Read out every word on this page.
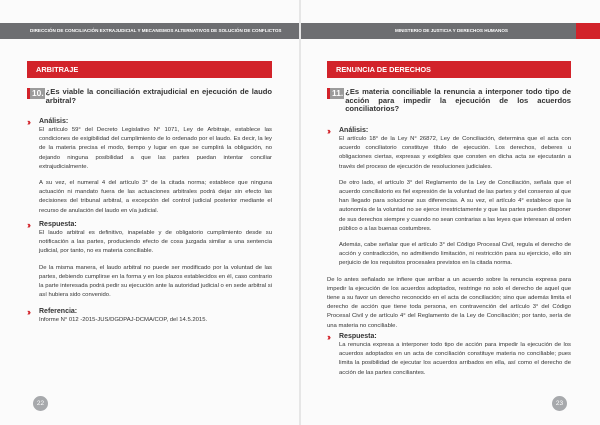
DIRECCIÓN DE CONCILIACIÓN EXTRAJUDICIAL Y MECANISMOS ALTERNATIVOS DE SOLUCIÓN DE CONFLICTOS	MINISTERIO DE JUSTICIA Y DERECHOS HUMANOS
ARBITRAJE
10. ¿Es viable la conciliación extrajudicial en ejecución de laudo arbitral?
››	Análisis:
El artículo 59° del Decreto Legislativo N° 1071, Ley de Arbitraje, establece las condiciones de exigibilidad del cumplimiento de lo ordenado por el laudo. Es decir, la ley de la materia precisa el modo, tiempo y lugar en que se cumplirá la obligación, no dejando ninguna posibilidad a que las partes puedan intentar conciliar extrajudicialmente.
A su vez, el numeral 4 del artículo 3° de la citada norma; establece que ninguna actuación ni mandato fuera de las actuaciones arbitrales podrá dejar sin efecto las decisiones del tribunal arbitral, a excepción del control judicial posterior mediante el recurso de anulación del laudo en vía judicial.
››	Respuesta:
El laudo arbitral es definitivo, inapelable y de obligatorio cumplimiento desde su notificación a las partes, produciendo efecto de cosa juzgada similar a una sentencia judicial, por tanto, no es materia conciliable.
De la misma manera, el laudo arbitral no puede ser modificado por la voluntad de las partes, debiendo cumplirse en la forma y en los plazos establecidos en él, caso contrario la parte interesada podrá pedir su ejecución ante la autoridad judicial o en sede arbitral si así hubiera sido convenido.
››	Referencia:
Informe N° 012 -2015-JUS/DGDPAJ-DCMA/COP, del 14.5.2015.
22
RENUNCIA DE DERECHOS
11. ¿Es materia conciliable la renuncia a interponer todo tipo de acción para impedir la ejecución de los acuerdos conciliatorios?
››	Análisis:
El artículo 18° de la Ley N° 26872, Ley de Conciliación, determina que el acta con acuerdo conciliatorio constituye título de ejecución. Los derechos, deberes u obligaciones ciertas, expresas y exigibles que consten en dicha acta se ejecutarán a través del proceso de ejecución de resoluciones judiciales.
De otro lado, el artículo 3° del Reglamento de la Ley de Conciliación, señala que el acuerdo conciliatorio es fiel expresión de la voluntad de las partes y del consenso al que han llegado para solucionar sus diferencias. A su vez, el artículo 4° establece que la autonomía de la voluntad no se ejerce irrestrictamente y que las partes pueden disponer de sus derechos siempre y cuando no sean contrarias a las leyes que interesan al orden público o a las buenas costumbres.
Además, cabe señalar que el artículo 3° del Código Procesal Civil, regula el derecho de acción y contradicción, no admitiendo limitación, ni restricción para su ejercicio, ello sin perjuicio de los requisitos procesales previstos en la citada norma.
De lo antes señalado se infiere que arribar a un acuerdo sobre la renuncia expresa para impedir la ejecución de los acuerdos adoptados, restringe no solo el derecho de aquel que tiene a su favor un derecho reconocido en el acta de conciliación; sino que además limita el derecho de acción que tiene toda persona, en contravención del artículo 3° del Código Procesal Civil y de artículo 4° del Reglamento de la Ley de Conciliación; por tanto, sería de una materia no conciliable.
››	Respuesta:
La renuncia expresa a interponer todo tipo de acción para impedir la ejecución de los acuerdos adoptados en un acta de conciliación constituye materia no conciliable; pues limita la posibilidad de ejecutar los acuerdos arribados en ella, así como el derecho de acción de las partes conciliantes.
23
